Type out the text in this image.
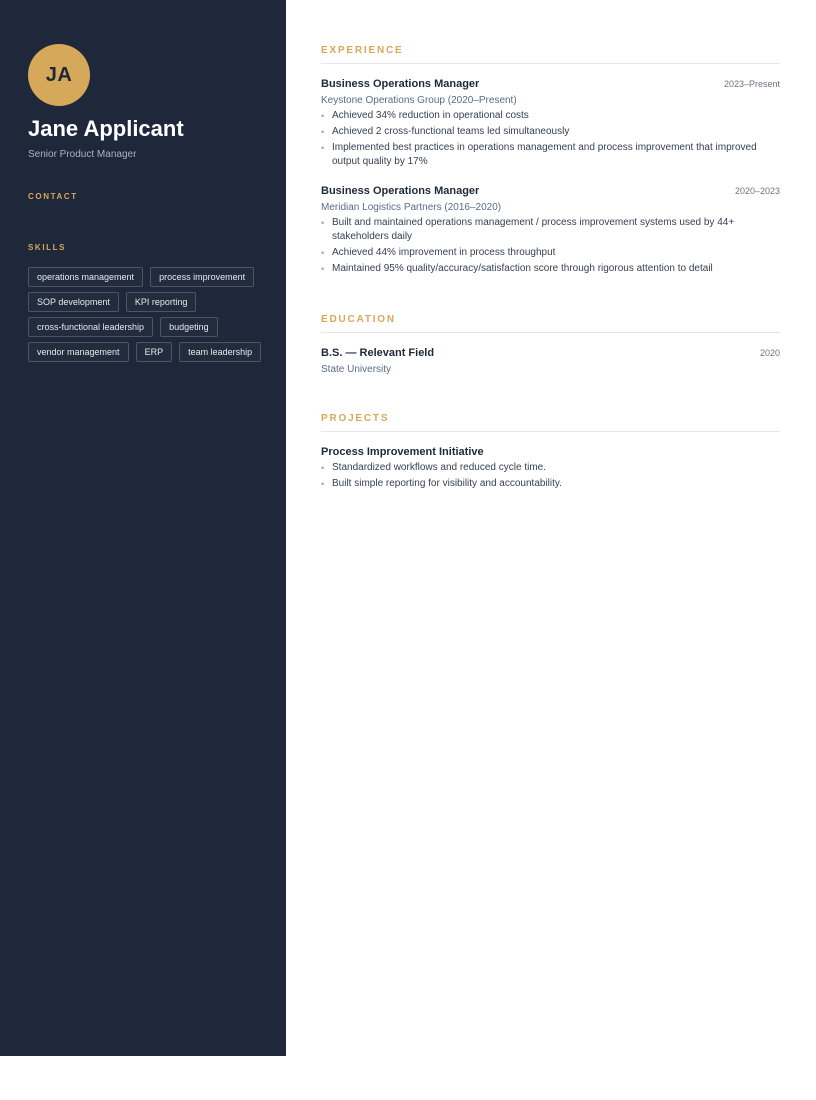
JA
Jane Applicant
Senior Product Manager
CONTACT
SKILLS
operations management	process improvement
SOP development	KPI reporting
cross-functional leadership	budgeting
vendor management	ERP	team leadership
EXPERIENCE
Business Operations Manager	2023–Present
Keystone Operations Group (2020–Present)
• Achieved 34% reduction in operational costs
• Achieved 2 cross-functional teams led simultaneously
• Implemented best practices in operations management and process improvement that improved output quality by 17%
Business Operations Manager	2020–2023
Meridian Logistics Partners (2016–2020)
• Built and maintained operations management / process improvement systems used by 44+ stakeholders daily
• Achieved 44% improvement in process throughput
• Maintained 95% quality/accuracy/satisfaction score through rigorous attention to detail
EDUCATION
B.S. — Relevant Field	2020
State University
PROJECTS
Process Improvement Initiative
• Standardized workflows and reduced cycle time.
• Built simple reporting for visibility and accountability.
